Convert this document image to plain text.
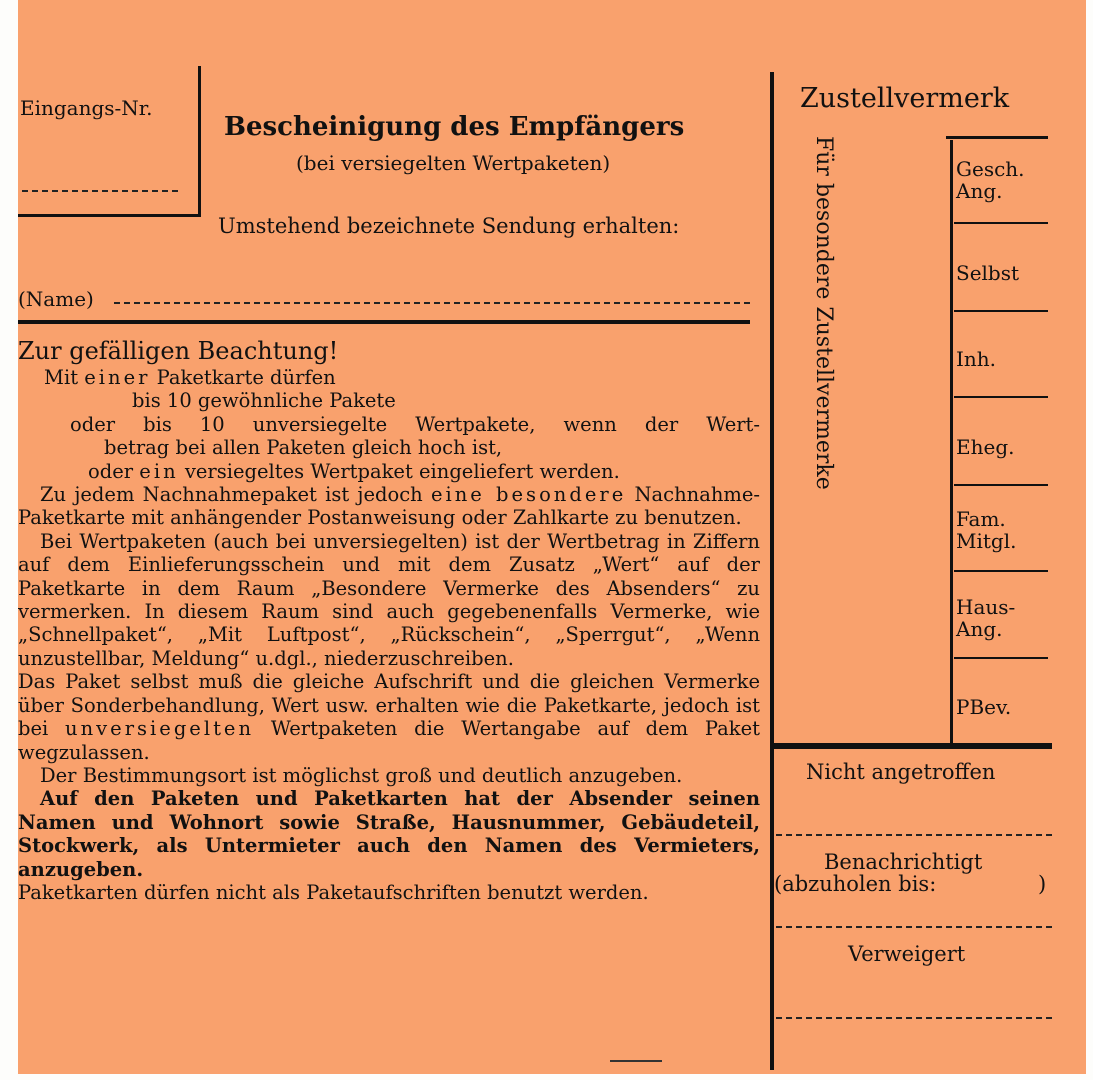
Eingangs-Nr.
Bescheinigung des Empfängers
(bei versiegelten Wertpaketen)
Umstehend bezeichnete Sendung erhalten:
(Name)

Zur gefälligen Beachtung!

Mit einer Paketkarte dürfen

bis 10 gewöhnliche Pakete

oder bis 10 unversiegelte Wertpakete, wenn der Wert-

betrag bei allen Paketen gleich hoch ist,

oder ein versiegeltes Wertpaket eingeliefert werden.

Zu jedem Nachnahmepaket ist jedoch eine besondere Nachnahme-Paketkarte mit anhängender Postanweisung oder Zahlkarte zu benutzen.

Bei Wertpaketen (auch bei unversiegelten) ist der Wertbetrag in Ziffern auf dem Einlieferungsschein und mit dem Zusatz „Wert“ auf der Paketkarte in dem Raum „Besondere Vermerke des Absenders“ zu vermerken. In diesem Raum sind auch gegebenenfalls Vermerke, wie „Schnellpaket“, „Mit Luftpost“, „Rückschein“, „Sperrgut“, „Wenn unzustellbar, Meldung“ u.dgl., niederzuschreiben.

Das Paket selbst muß die gleiche Aufschrift und die gleichen Vermerke über Sonderbehandlung, Wert usw. erhalten wie die Paketkarte, jedoch ist bei unversiegelten Wertpaketen die Wertangabe auf dem Paket wegzulassen.

Der Bestimmungsort ist möglichst groß und deutlich anzugeben.

Auf den Paketen und Paketkarten hat der Absender seinen Namen und Wohnort sowie Straße, Hausnummer, Gebäudeteil, Stockwerk, als Untermieter auch den Namen des Vermieters, anzugeben.

Paketkarten dürfen nicht als Paketaufschriften benutzt werden.

Für besondere Zustellvermerke
Zustellvermerk
Gesch.
Ang.
Selbst
Inh.
Eheg.
Fam.
Mitgl.
Haus-
Ang.
PBev.
Nicht angetroffen
Benachrichtigt
(abzuholen bis:	)
Verweigert
